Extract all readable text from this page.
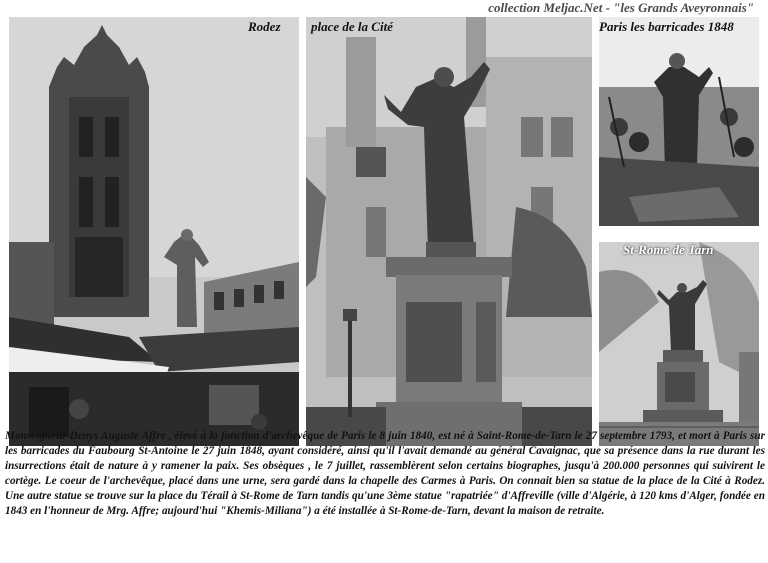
collection Meljac.Net - "les Grands Aveyronnais"
Rodez place de la Cité	Paris les barricades 1848
St-Rome de Tarn
Monseigneur Denys Auguste Affre , élevé à la fonction d'archevêque de Paris le 8 juin 1840, est né à Saint-Rome-de-Tarn le 27 septembre 1793, et mort à Paris sur les barricades du Faubourg St-Antoine le 27 juin 1848, ayant considéré, ainsi qu'il l'avait demandé au général Cavaignac, que sa présence dans la rue durant les insurrections était de nature à y ramener la paix. Ses obsèques , le 7 juillet, rassemblèrent selon certains biographes, jusqu'à 200.000 personnes qui suivirent le cortège. Le coeur de l'archevêque, placé dans une urne, sera gardé dans la chapelle des Carmes à Paris. On connait bien sa statue de la place de la Cité à Rodez. Une autre statue se trouve sur la place du Térail à St-Rome de Tarn tandis qu'une 3ème statue "rapatriée" d'Affreville (ville d'Algérie, à 120 kms d'Alger, fondée en 1843 en l'honneur de Mrg. Affre; aujourd'hui "Khemis-Miliana") a été installée à St-Rome-de-Tarn, devant la maison de retraite.
